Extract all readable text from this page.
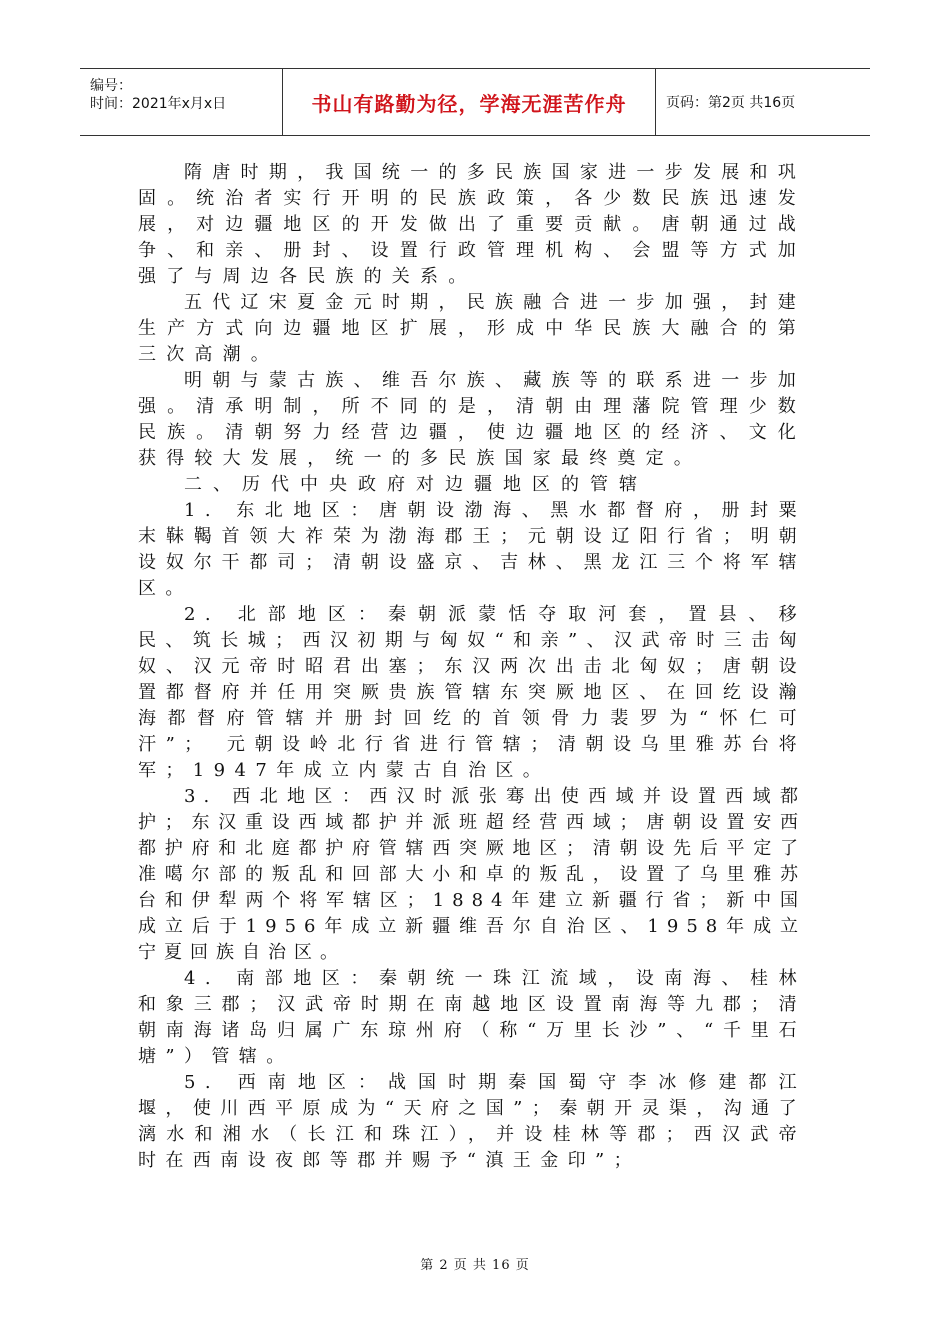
编号：
时间：2021年x月x日	书山有路勤为径，学海无涯苦作舟	页码：第2页 共16页

隋唐时期，我国统一的多民族国家进一步发展和巩固。统治者实行开明的民族政策，各少数民族迅速发展，对边疆地区的开发做出了重要贡献。唐朝通过战争、和亲、册封、设置行政管理机构、会盟等方式加强了与周边各民族的关系。

五代辽宋夏金元时期，民族融合进一步加强，封建生产方式向边疆地区扩展，形成中华民族大融合的第三次高潮。

明朝与蒙古族、维吾尔族、藏族等的联系进一步加强。清承明制，所不同的是，清朝由理藩院管理少数民族。清朝努力经营边疆，使边疆地区的经济、文化获得较大发展，统一的多民族国家最终奠定。

二、历代中央政府对边疆地区的管辖

1. 东北地区：唐朝设渤海、黑水都督府，册封粟末靺鞨首领大祚荣为渤海郡王；元朝设辽阳行省；明朝设奴尔干都司；清朝设盛京、吉林、黑龙江三个将军辖区。

2. 北部地区：秦朝派蒙恬夺取河套，置县、移民、筑长城；西汉初期与匈奴“和亲”、汉武帝时三击匈奴、汉元帝时昭君出塞；东汉两次出击北匈奴；唐朝设置都督府并任用突厥贵族管辖东突厥地区、在回纥设瀚海都督府管辖并册封回纥的首领骨力裴罗为“怀仁可汗”； 元朝设岭北行省进行管辖；清朝设乌里雅苏台将军；1947年成立内蒙古自治区。

3. 西北地区：西汉时派张骞出使西域并设置西域都护；东汉重设西域都护并派班超经营西域；唐朝设置安西都护府和北庭都护府管辖西突厥地区；清朝设先后平定了准噶尔部的叛乱和回部大小和卓的叛乱，设置了乌里雅苏台和伊犁两个将军辖区；1884年建立新疆行省；新中国成立后于1956年成立新疆维吾尔自治区、1958年成立宁夏回族自治区。

4. 南部地区：秦朝统一珠江流域，设南海、桂林和象三郡；汉武帝时期在南越地区设置南海等九郡；清朝南海诸岛归属广东琼州府（称“万里长沙”、“千里石塘”）管辖。

5. 西南地区：战国时期秦国蜀守李冰修建都江堰，使川西平原成为“天府之国”；秦朝开灵渠，沟通了漓水和湘水（长江和珠江），并设桂林等郡；西汉武帝时在西南设夜郎等郡并赐予“滇王金印”；

第 2 页 共 16 页
